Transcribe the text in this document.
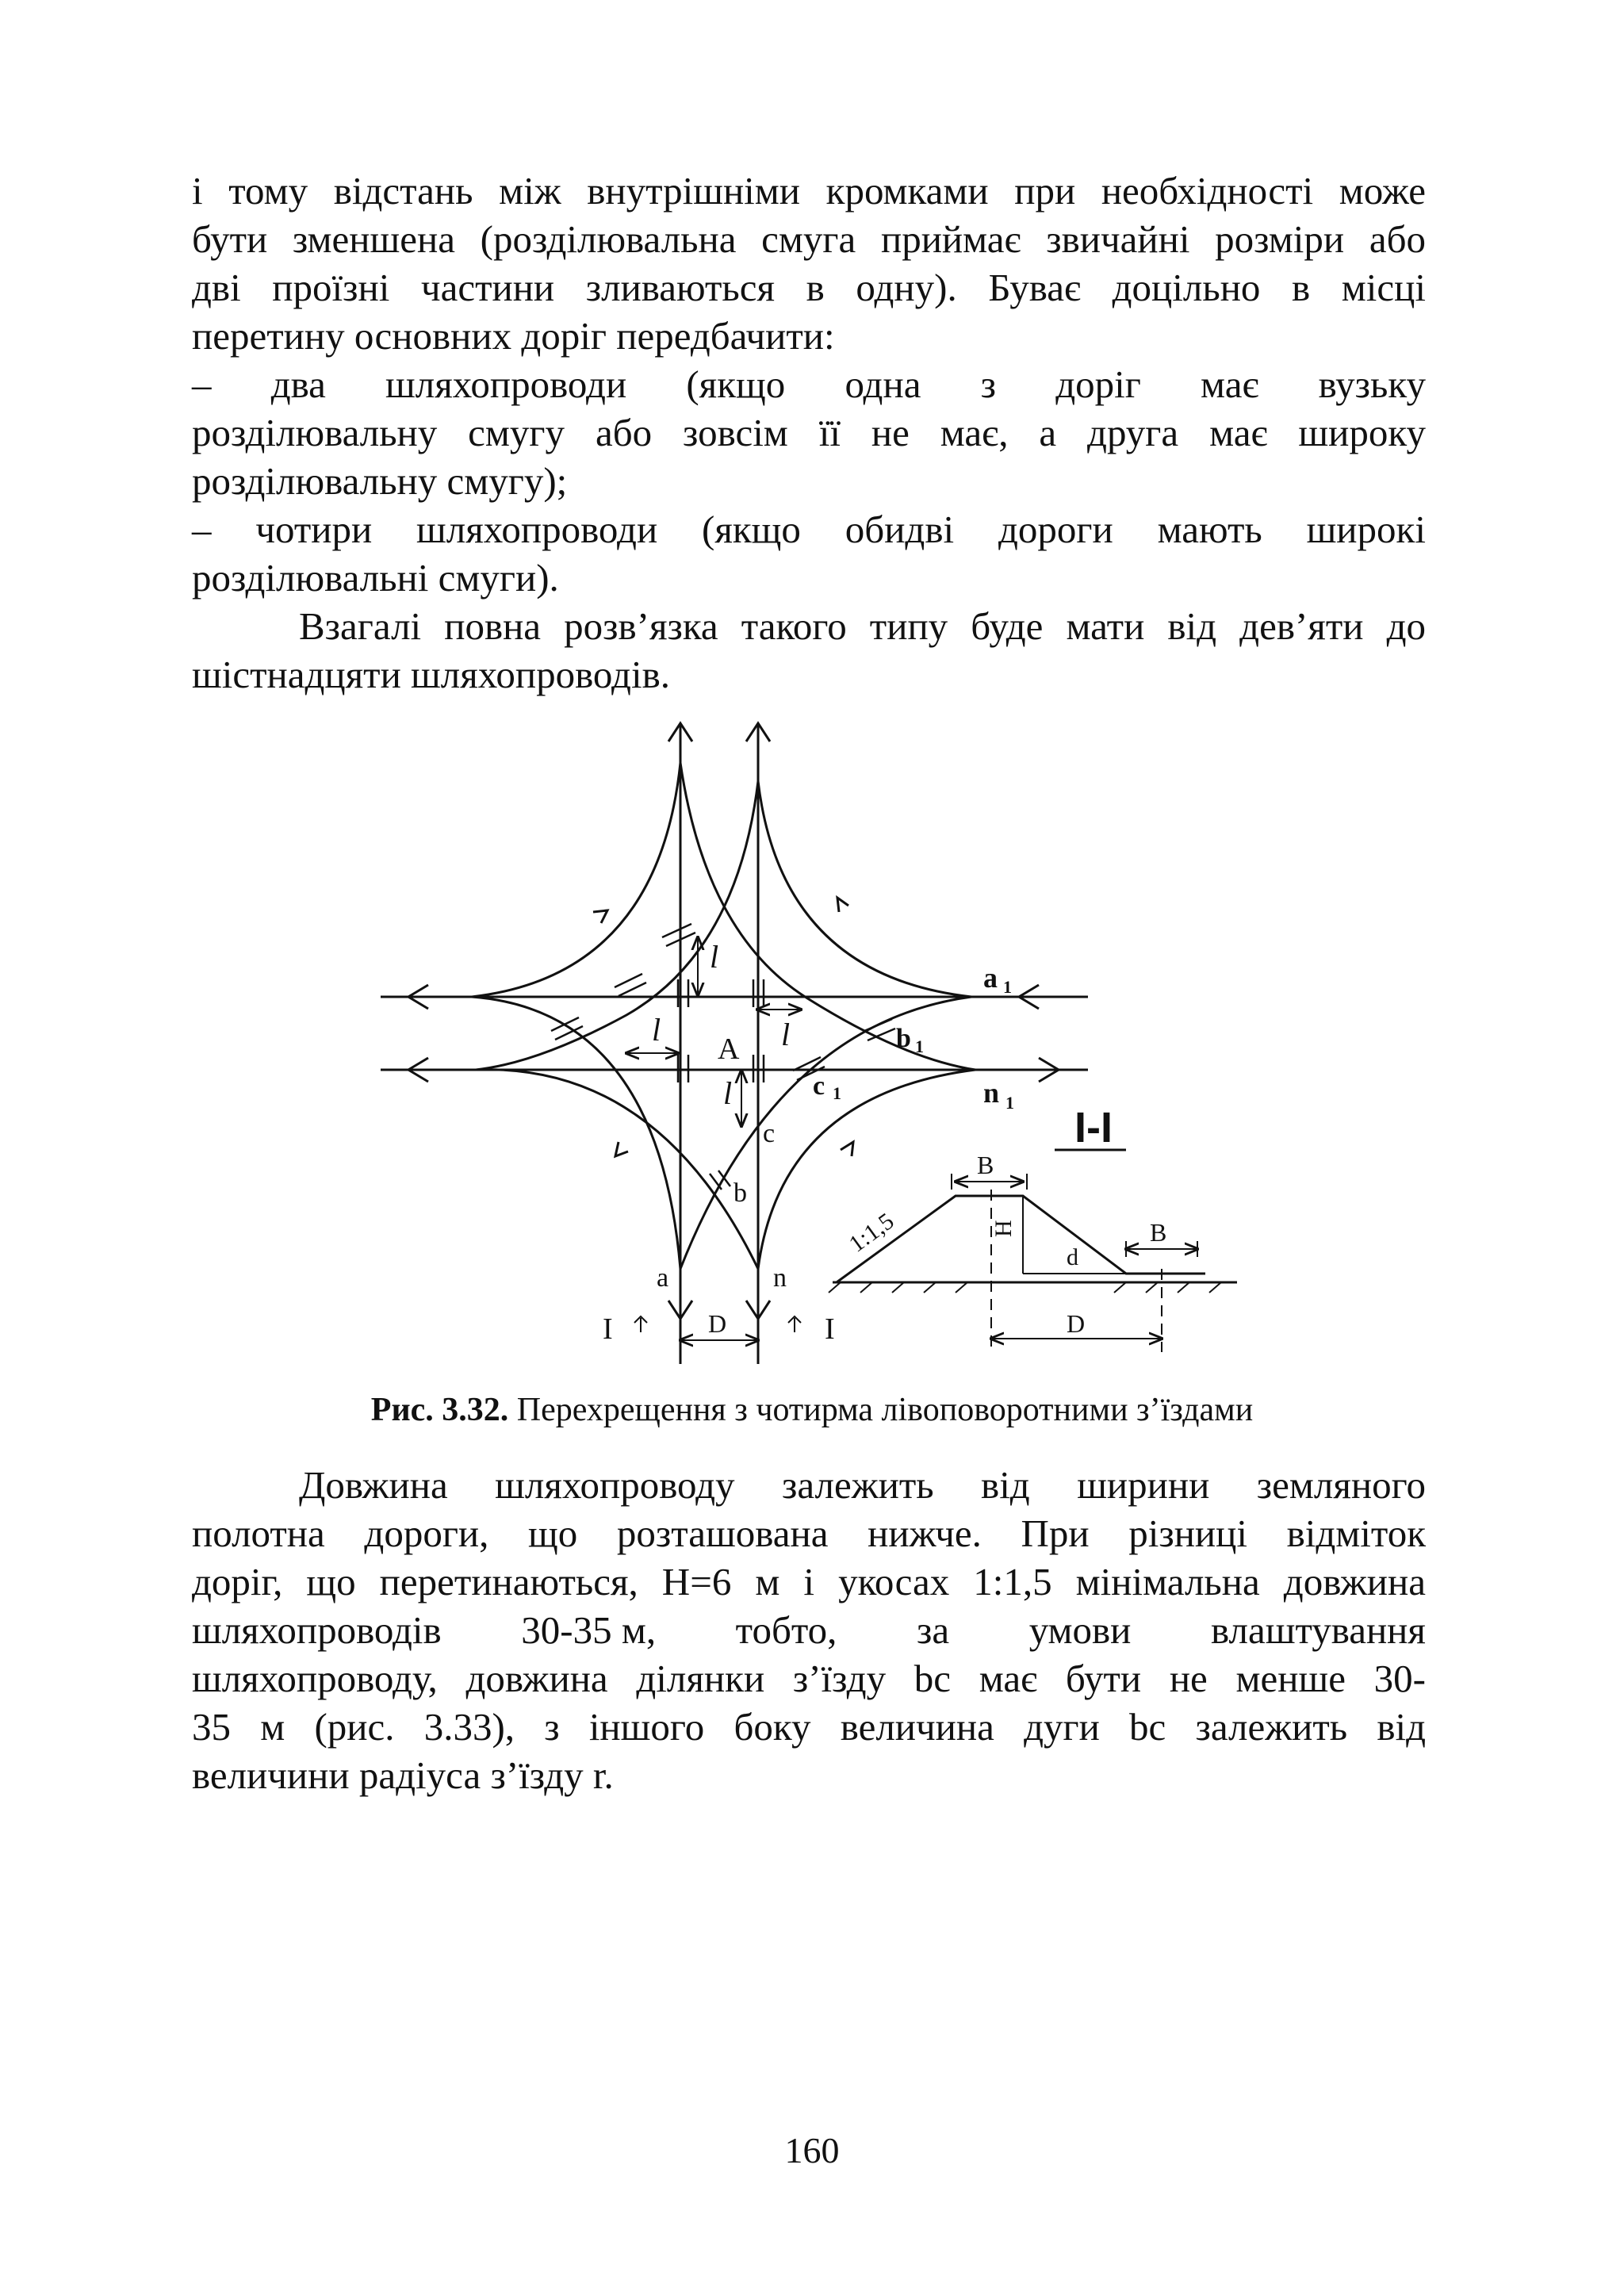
і тому відстань між внутрішніми кромками при необхідності може

бути зменшена (розділювальна смуга приймає звичайні розміри або

дві проїзні частини зливаються в одну). Буває доцільно в місці

перетину основних доріг передбачити:

– два шляхопроводи (якщо одна з доріг має вузьку

розділювальну смугу або зовсім її не має, а друга має широку

розділювальну смугу);

– чотири шляхопроводи (якщо обидві дороги мають широкі

розділювальні смуги).

Взагалі повна розв’язка такого типу буде мати від дев’яти до

шістнадцяти шляхопроводів.

a 1
b 1
c 1	n 1
A
a	n
b
c
l
l
l
l
D
I	I
I-I
B
B
H
d
1:1,5
D
Рис. 3.32. Перехрещення з чотирма лівоповоротними з’їздами

Довжина шляхопроводу залежить від ширини земляного

полотна дороги, що розташована нижче. При різниці відміток

доріг, що перетинаються, Н=6 м і укосах 1:1,5 мінімальна довжина

шляхопроводів 30-35 м, тобто, за умови влаштування

шляхопроводу, довжина ділянки з’їзду bc має бути не менше 30-

35 м (рис. 3.33), з іншого боку величина дуги bc залежить від

величини радіуса з’їзду r.

160
